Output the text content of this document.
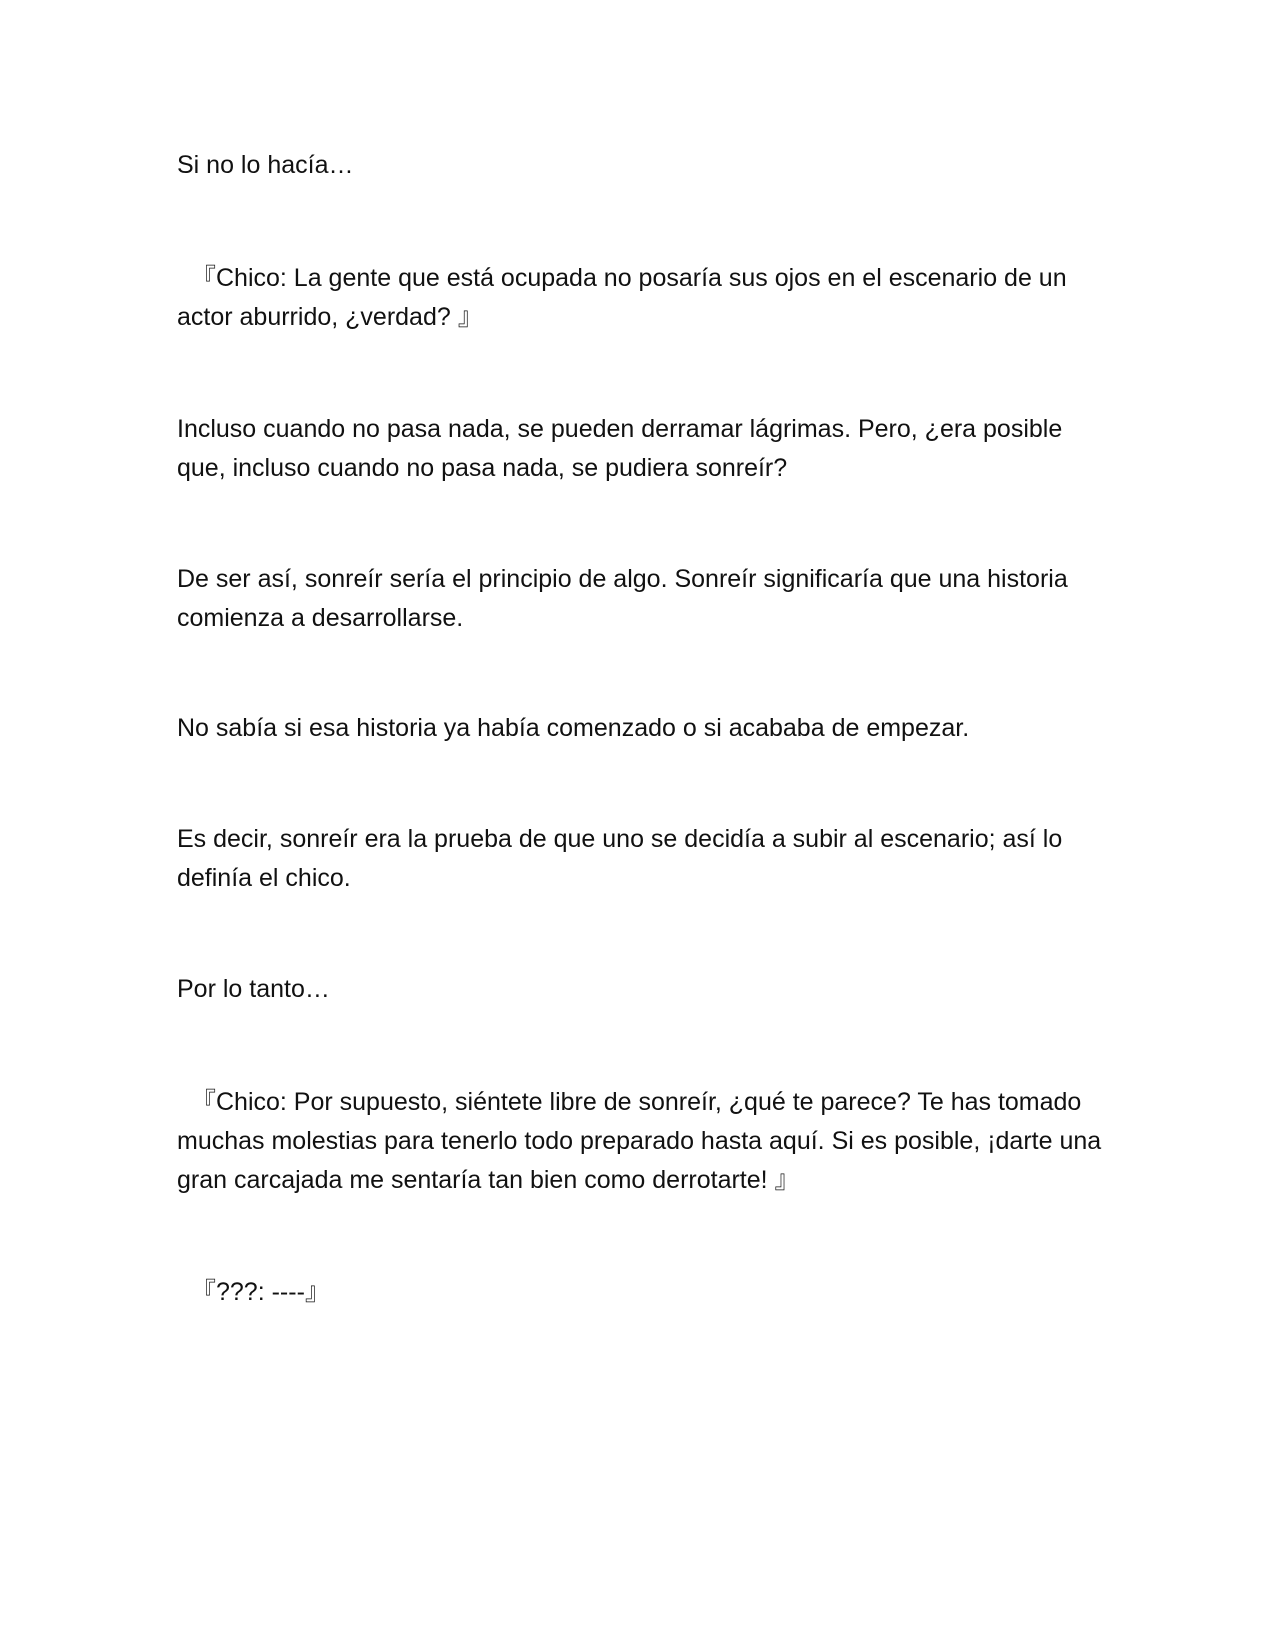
Si no lo hacía…

『Chico: La gente que está ocupada no posaría sus ojos en el escenario de un actor aburrido, ¿verdad? 』

Incluso cuando no pasa nada, se pueden derramar lágrimas. Pero, ¿era posible que, incluso cuando no pasa nada, se pudiera sonreír?

De ser así, sonreír sería el principio de algo. Sonreír significaría que una historia comienza a desarrollarse.

No sabía si esa historia ya había comenzado o si acababa de empezar.

Es decir, sonreír era la prueba de que uno se decidía a subir al escenario; así lo definía el chico.

Por lo tanto…

『Chico: Por supuesto, siéntete libre de sonreír, ¿qué te parece? Te has tomado muchas molestias para tenerlo todo preparado hasta aquí. Si es posible, ¡darte una gran carcajada me sentaría tan bien como derrotarte! 』

『???: ----』
